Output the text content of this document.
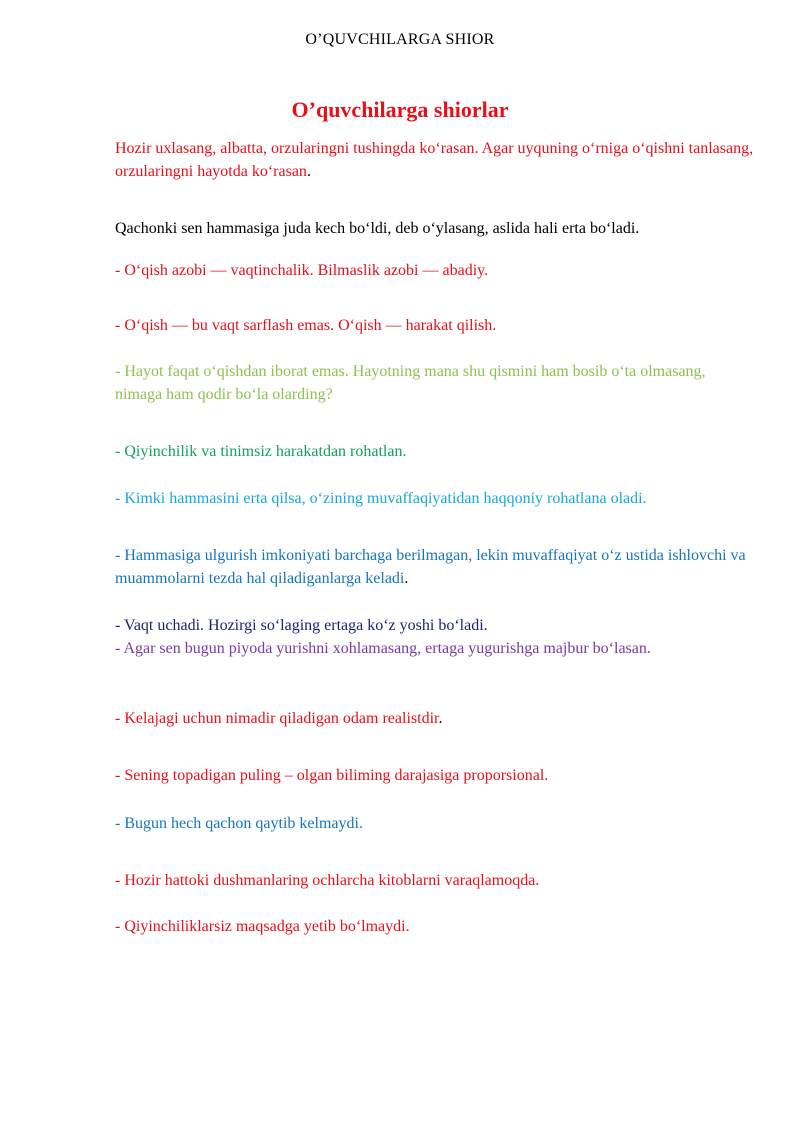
O’QUVCHILARGA SHIOR
O’quvchilarga shiorlar
Hozir uxlasang, albatta, orzularingni tushingda ko‘rasan. Agar uyquning o‘rniga o‘qishni tanlasang, orzularingni hayotda ko‘rasan.
Qachonki sen hammasiga juda kech bo‘ldi, deb o‘ylasang, aslida hali erta bo‘ladi.
- O‘qish azobi — vaqtinchalik. Bilmaslik azobi — abadiy.
- O‘qish — bu vaqt sarflash emas. O‘qish — harakat qilish.
- Hayot faqat o‘qishdan iborat emas. Hayotning mana shu qismini ham bosib o‘ta olmasang, nimaga ham qodir bo‘la olarding?
- Qiyinchilik va tinimsiz harakatdan rohatlan.
- Kimki hammasini erta qilsa, o‘zining muvaffaqiyatidan haqqoniy rohatlana oladi.
- Hammasiga ulgurish imkoniyati barchaga berilmagan, lekin muvaffaqiyat o‘z ustida ishlovchi va muammolarni tezda hal qiladiganlarga keladi.
- Vaqt uchadi. Hozirgi so‘laging ertaga ko‘z yoshi bo‘ladi.
- Agar sen bugun piyoda yurishni xohlamasang, ertaga yugurishga majbur bo‘lasan.
- Kelajagi uchun nimadir qiladigan odam realistdir.
- Sening topadigan puling – olgan biliming darajasiga proporsional.
- Bugun hech qachon qaytib kelmaydi.
- Hozir hattoki dushmanlaring ochlarcha kitoblarni varaqlamoqda.
- Qiyinchiliklarsiz maqsadga yetib bo‘lmaydi.
